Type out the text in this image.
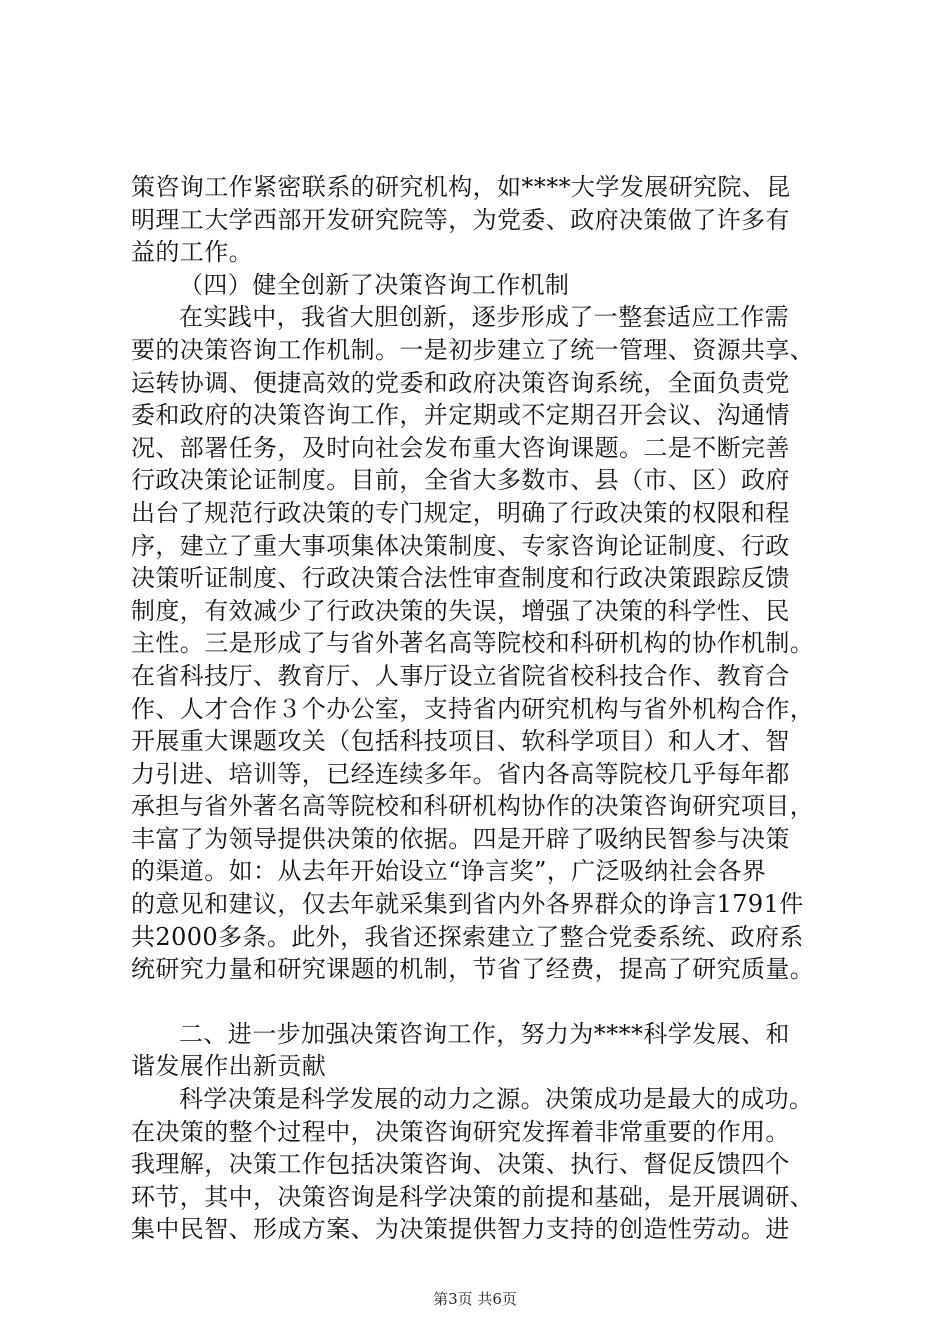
策咨询工作紧密联系的研究机构，如****大学发展研究院、昆
明理工大学西部开发研究院等，为党委、政府决策做了许多有
益的工作。
（四）健全创新了决策咨询工作机制
在实践中，我省大胆创新，逐步形成了一整套适应工作需
要的决策咨询工作机制。一是初步建立了统一管理、资源共享、
运转协调、便捷高效的党委和政府决策咨询系统，全面负责党
委和政府的决策咨询工作，并定期或不定期召开会议、沟通情
况、部署任务，及时向社会发布重大咨询课题。二是不断完善
行政决策论证制度。目前，全省大多数市、县（市、区）政府
出台了规范行政决策的专门规定，明确了行政决策的权限和程
序，建立了重大事项集体决策制度、专家咨询论证制度、行政
决策听证制度、行政决策合法性审查制度和行政决策跟踪反馈
制度，有效减少了行政决策的失误，增强了决策的科学性、民
主性。三是形成了与省外著名高等院校和科研机构的协作机制。
在省科技厅、教育厅、人事厅设立省院省校科技合作、教育合
作、人才合作３个办公室，支持省内研究机构与省外机构合作，
开展重大课题攻关（包括科技项目、软科学项目）和人才、智
力引进、培训等，已经连续多年。省内各高等院校几乎每年都
承担与省外著名高等院校和科研机构协作的决策咨询研究项目，
丰富了为领导提供决策的依据。四是开辟了吸纳民智参与决策
的渠道。如：从去年开始设立“诤言奖”，广泛吸纳社会各界
的意见和建议，仅去年就采集到省内外各界群众的诤言1791件
共2000多条。此外，我省还探索建立了整合党委系统、政府系
统研究力量和研究课题的机制，节省了经费，提高了研究质量。
二、进一步加强决策咨询工作，努力为****科学发展、和
谐发展作出新贡献
科学决策是科学发展的动力之源。决策成功是最大的成功。
在决策的整个过程中，决策咨询研究发挥着非常重要的作用。
我理解，决策工作包括决策咨询、决策、执行、督促反馈四个
环节，其中，决策咨询是科学决策的前提和基础，是开展调研、
集中民智、形成方案、为决策提供智力支持的创造性劳动。进
第3页 共6页
